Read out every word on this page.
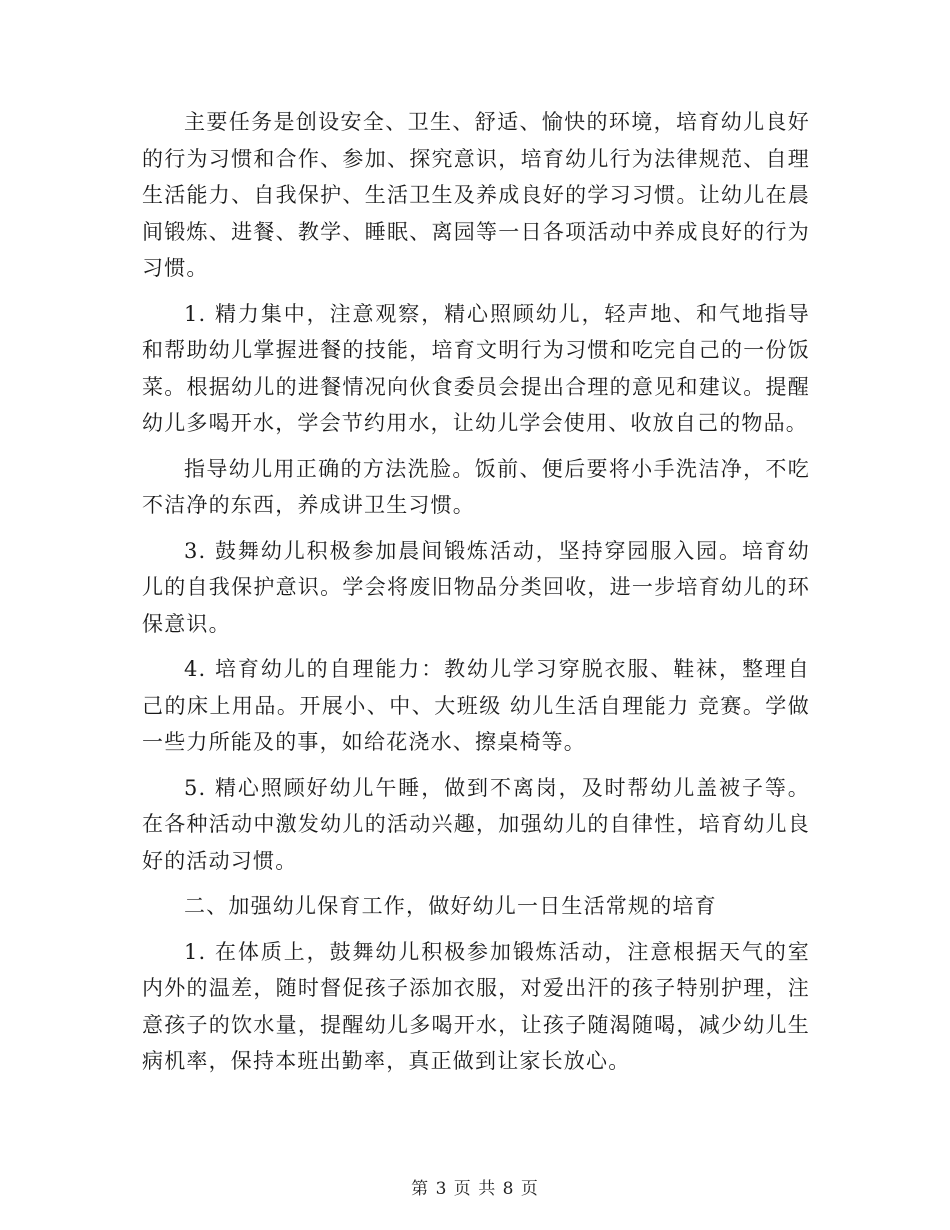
主要任务是创设安全、卫生、舒适、愉快的环境，培育幼儿良好的行为习惯和合作、参加、探究意识，培育幼儿行为法律规范、自理生活能力、自我保护、生活卫生及养成良好的学习习惯。让幼儿在晨间锻炼、进餐、教学、睡眠、离园等一日各项活动中养成良好的行为习惯。

1. 精力集中，注意观察，精心照顾幼儿，轻声地、和气地指导和帮助幼儿掌握进餐的技能，培育文明行为习惯和吃完自己的一份饭菜。根据幼儿的进餐情况向伙食委员会提出合理的意见和建议。提醒幼儿多喝开水，学会节约用水，让幼儿学会使用、收放自己的物品。

指导幼儿用正确的方法洗脸。饭前、便后要将小手洗洁净，不吃不洁净的东西，养成讲卫生习惯。

3. 鼓舞幼儿积极参加晨间锻炼活动，坚持穿园服入园。培育幼儿的自我保护意识。学会将废旧物品分类回收，进一步培育幼儿的环保意识。

4. 培育幼儿的自理能力：教幼儿学习穿脱衣服、鞋袜，整理自己的床上用品。开展小、中、大班级 幼儿生活自理能力 竞赛。学做一些力所能及的事，如给花浇水、擦桌椅等。

5. 精心照顾好幼儿午睡，做到不离岗，及时帮幼儿盖被子等。在各种活动中激发幼儿的活动兴趣，加强幼儿的自律性，培育幼儿良好的活动习惯。

二、加强幼儿保育工作，做好幼儿一日生活常规的培育

1. 在体质上，鼓舞幼儿积极参加锻炼活动，注意根据天气的室内外的温差，随时督促孩子添加衣服，对爱出汗的孩子特别护理，注意孩子的饮水量，提醒幼儿多喝开水，让孩子随渴随喝，减少幼儿生病机率，保持本班出勤率，真正做到让家长放心。

第 3 页 共 8 页
